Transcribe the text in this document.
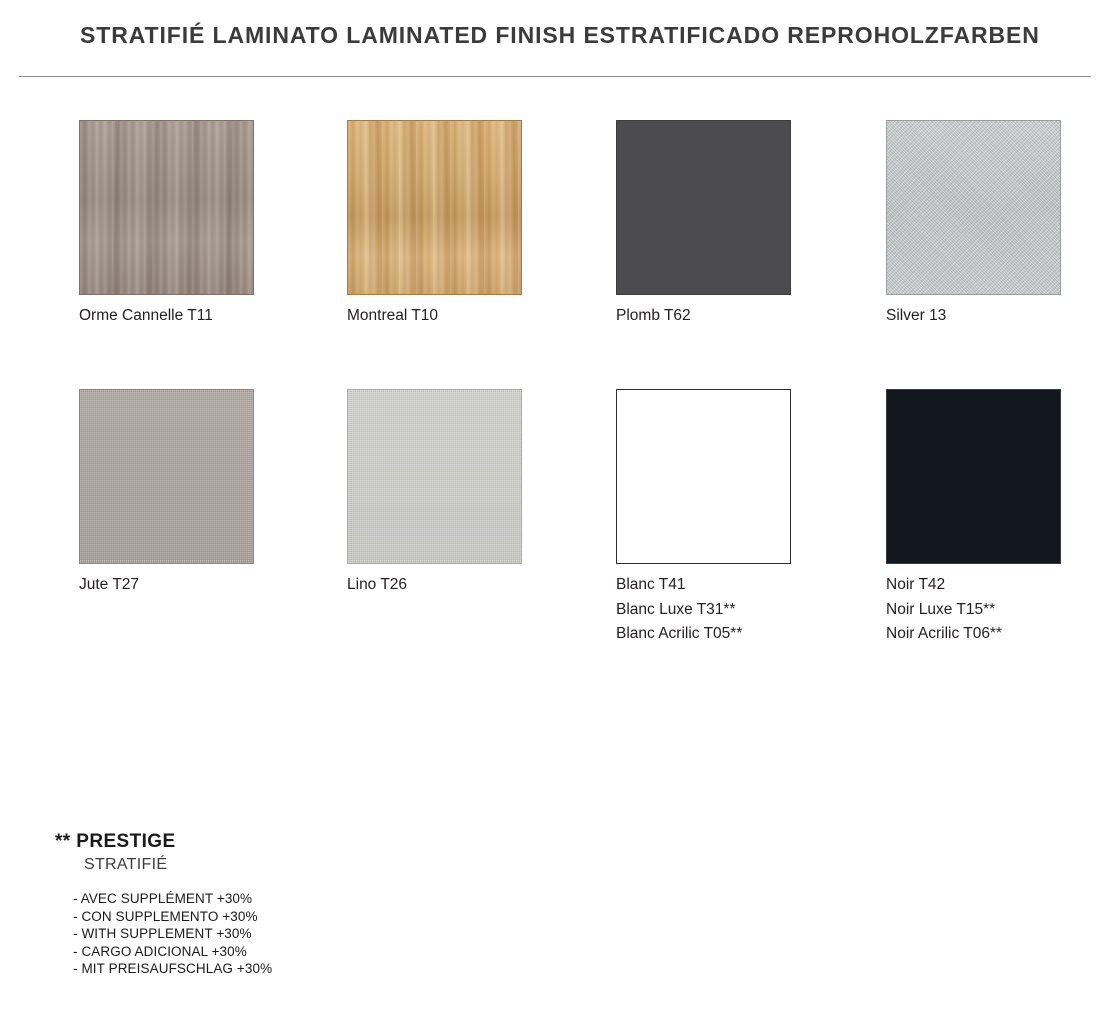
STRATIFIÉ LAMINATO LAMINATED FINISH ESTRATIFICADO REPROHOLZFARBEN
Orme Cannelle T11	Montreal T10	Plomb T62	Silver 13
Jute T27	Lino T26	Blanc T41
Blanc Luxe T31**
Blanc Acrilic T05**
Noir T42
Noir Luxe T15**
Noir Acrilic T06**
** PRESTIGE
STRATIFIÉ
- AVEC SUPPLÉMENT +30%
- CON SUPPLEMENTO +30%
- WITH SUPPLEMENT +30%
- CARGO ADICIONAL +30%
- MIT PREISAUFSCHLAG +30%
